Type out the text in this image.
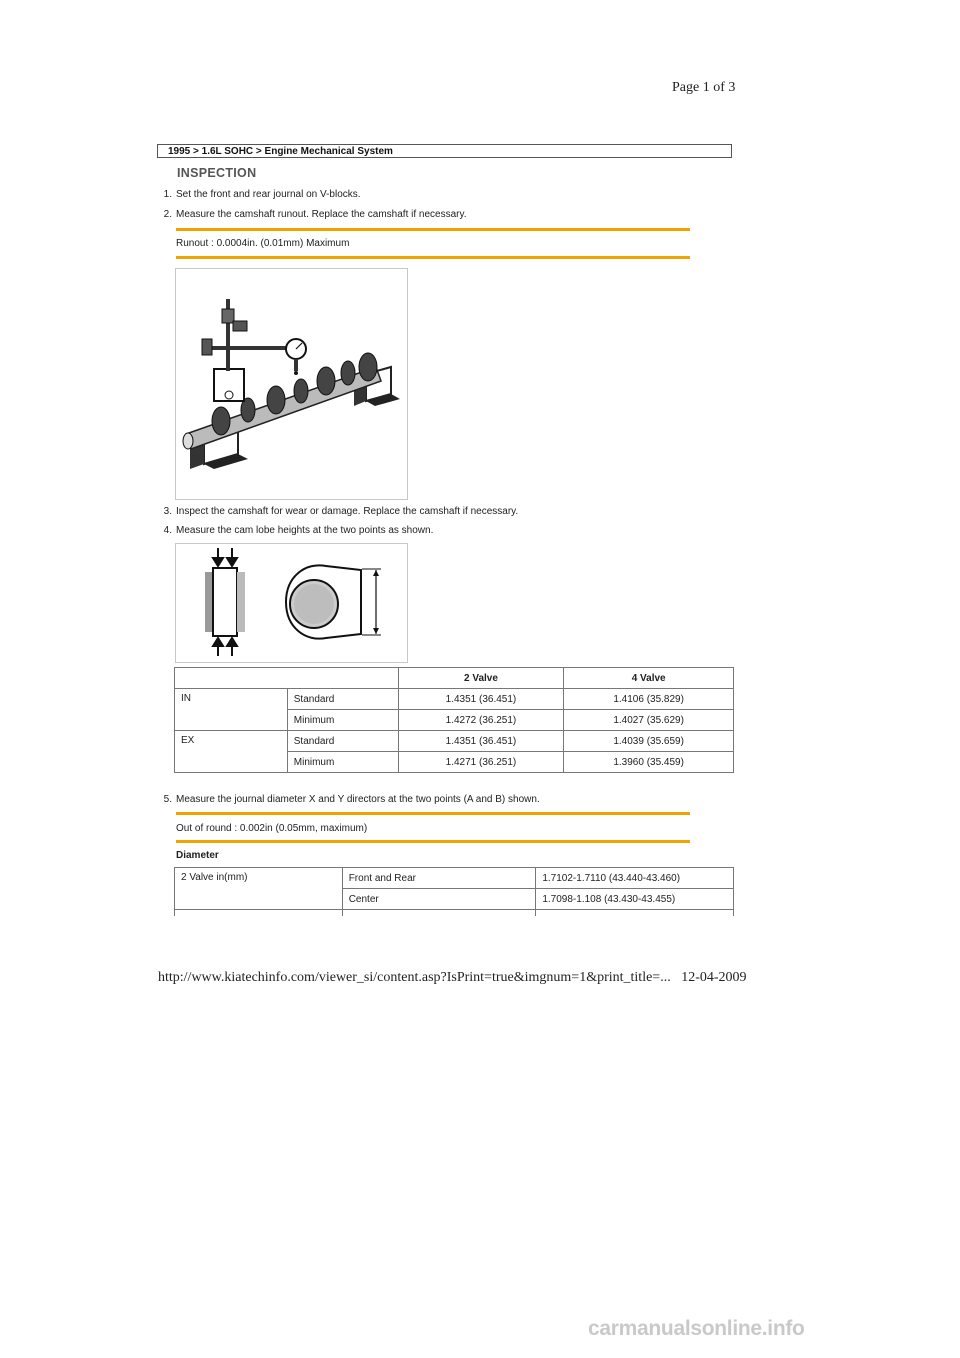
Page 1 of 3
1995 > 1.6L SOHC > Engine Mechanical System
INSPECTION
1. Set the front and rear journal on V-blocks.
2. Measure the camshaft runout. Replace the camshaft if necessary.
Runout : 0.0004in. (0.01mm) Maximum
3. Inspect the camshaft for wear or damage. Replace the camshaft if necessary.
4. Measure the cam lobe heights at the two points as shown.
		2 Valve	4 Valve
IN	Standard	1.4351 (36.451)	1.4106 (35.829)
	Minimum	1.4272 (36.251)	1.4027 (35.629)
EX	Standard	1.4351 (36.451)	1.4039 (35.659)
	Minimum	1.4271 (36.251)	1.3960 (35.459)
5. Measure the journal diameter X and Y directors at the two points (A and B) shown.
Out of round : 0.002in (0.05mm, maximum)
Diameter
2 Valve in(mm)	Front and Rear	1.7102-1.7110 (43.440-43.460)
	Center	1.7098-1.108 (43.430-43.455)

http://www.kiatechinfo.com/viewer_si/content.asp?IsPrint=true&imgnum=1&print_title=... 12-04-2009
carmanualsonline.info
